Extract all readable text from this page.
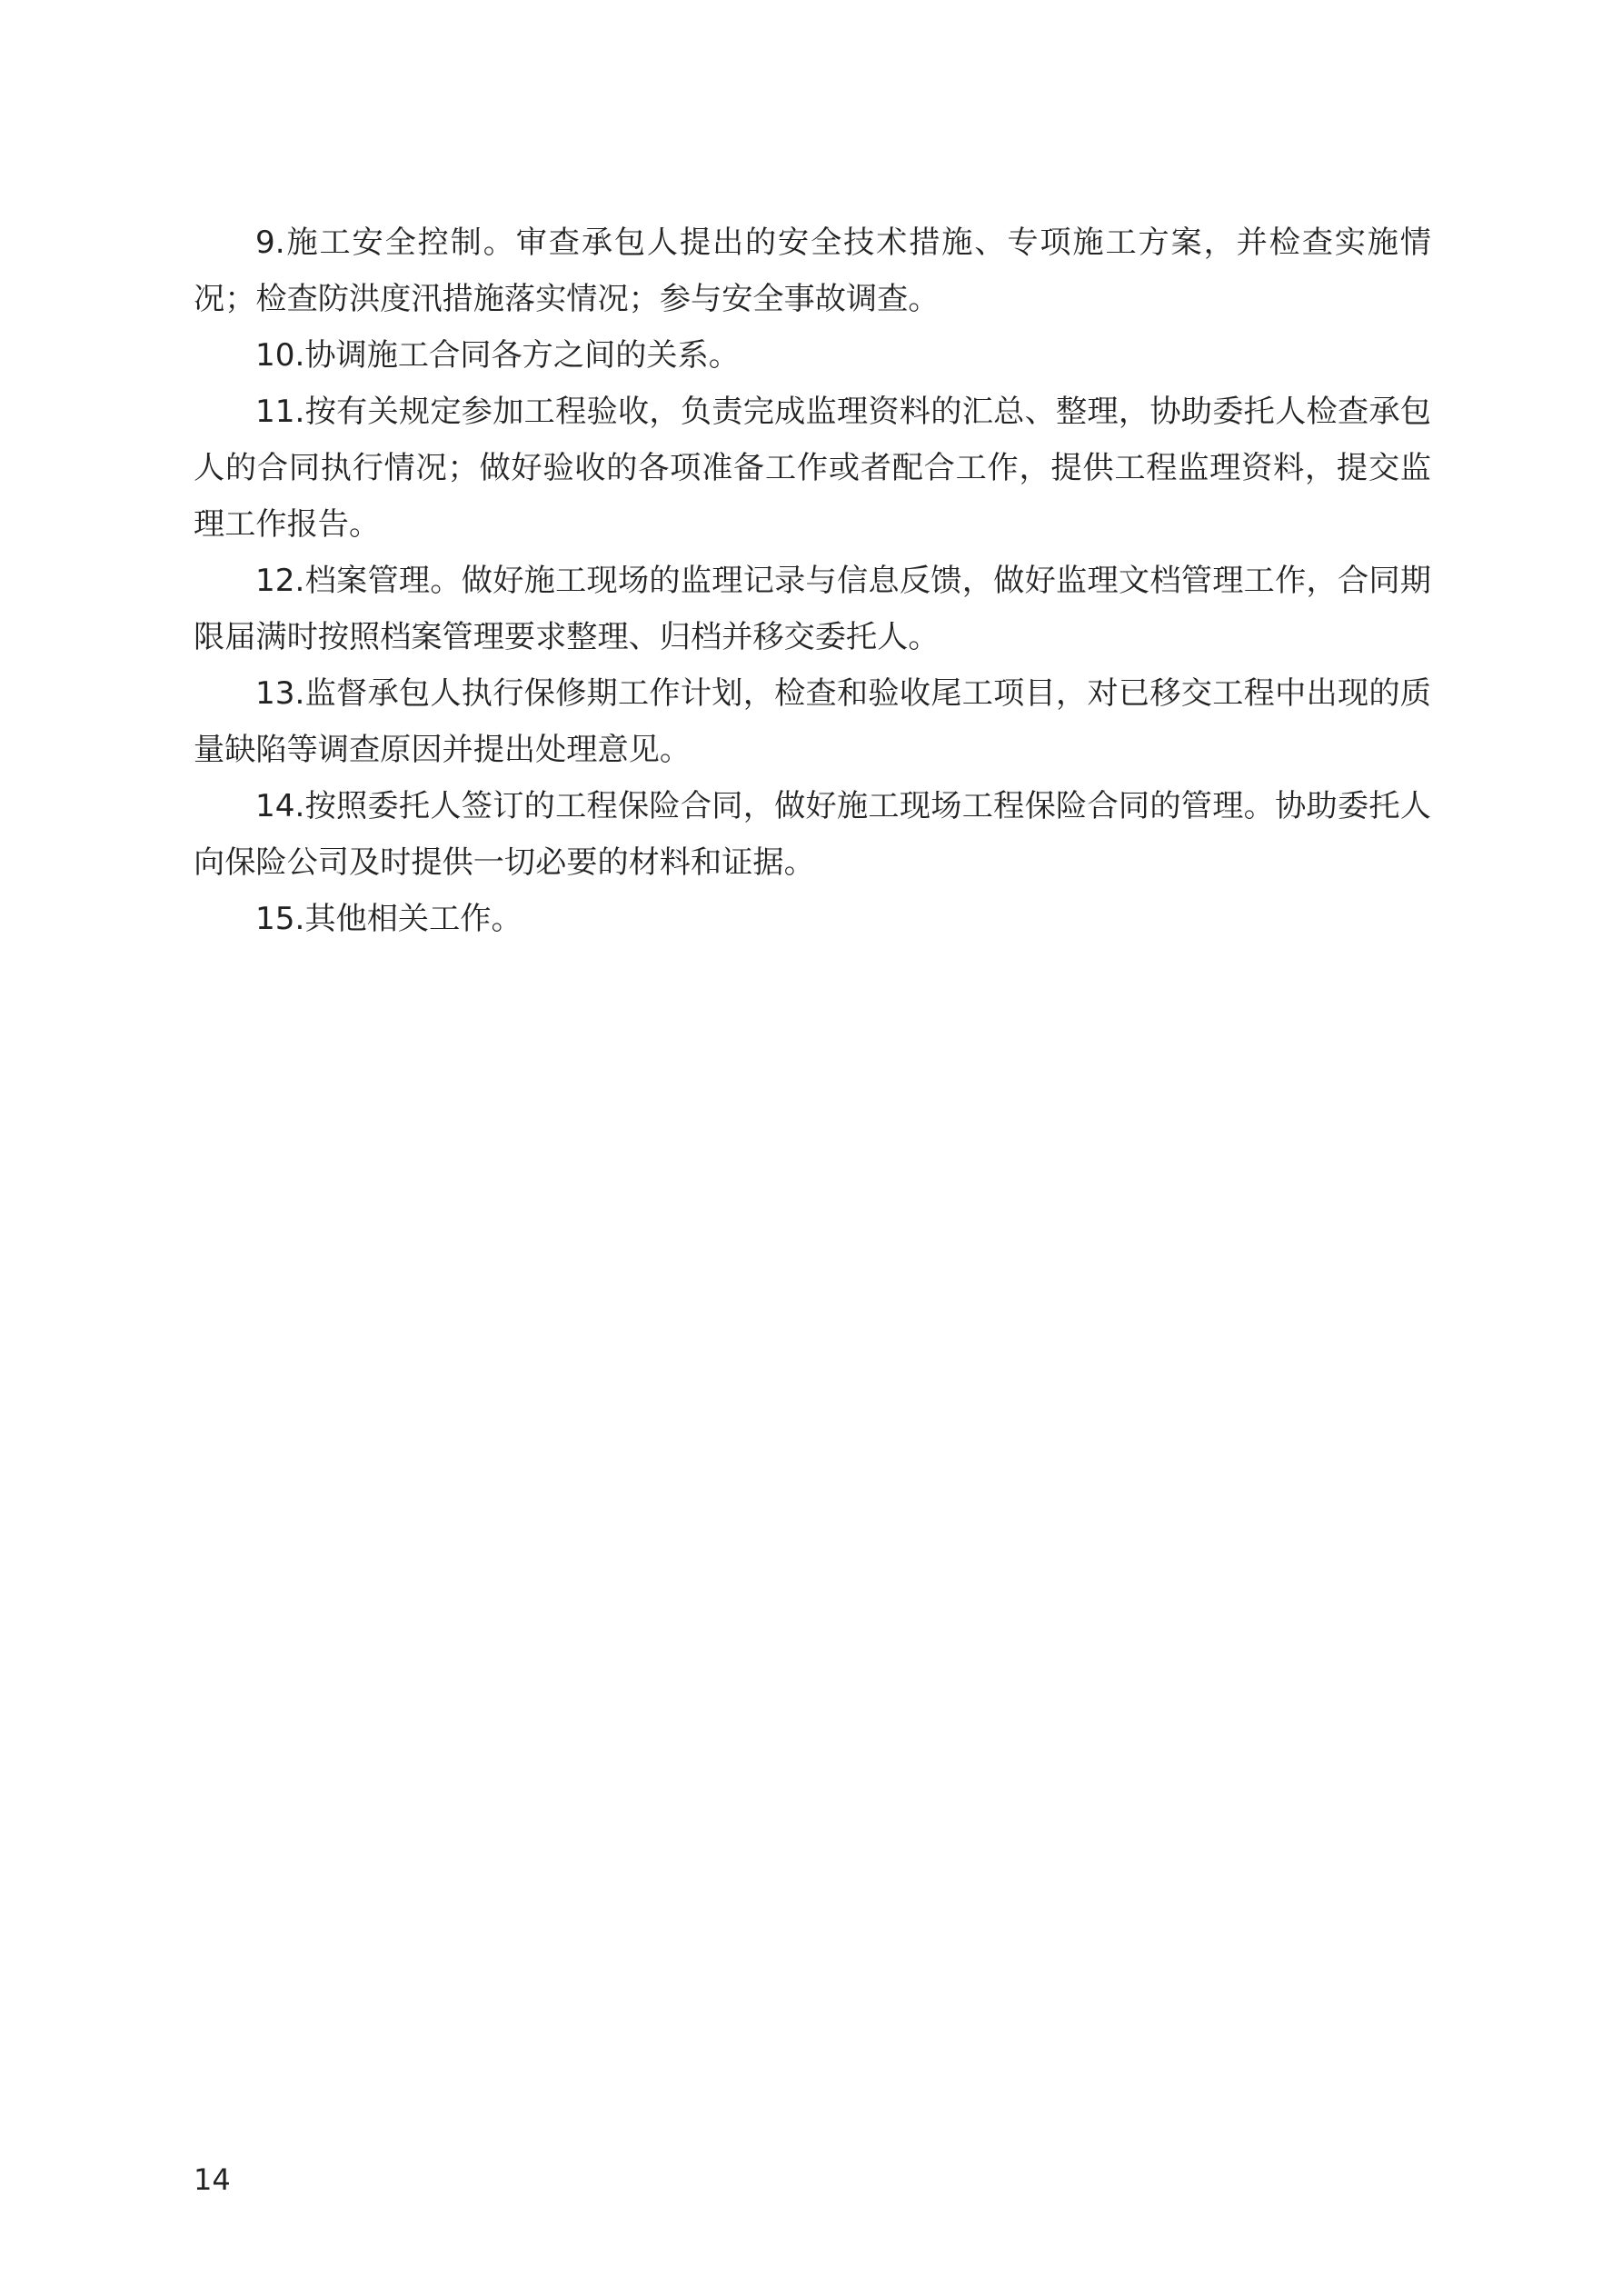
9.施工安全控制。审查承包人提出的安全技术措施、专项施工方案，并检查实施情况；检查防洪度汛措施落实情况；参与安全事故调查。

10.协调施工合同各方之间的关系。

11.按有关规定参加工程验收，负责完成监理资料的汇总、整理，协助委托人检查承包人的合同执行情况；做好验收的各项准备工作或者配合工作，提供工程监理资料，提交监理工作报告。

12.档案管理。做好施工现场的监理记录与信息反馈，做好监理文档管理工作，合同期限届满时按照档案管理要求整理、归档并移交委托人。

13.监督承包人执行保修期工作计划，检查和验收尾工项目，对已移交工程中出现的质量缺陷等调查原因并提出处理意见。

14.按照委托人签订的工程保险合同，做好施工现场工程保险合同的管理。协助委托人向保险公司及时提供一切必要的材料和证据。

15.其他相关工作。

14
